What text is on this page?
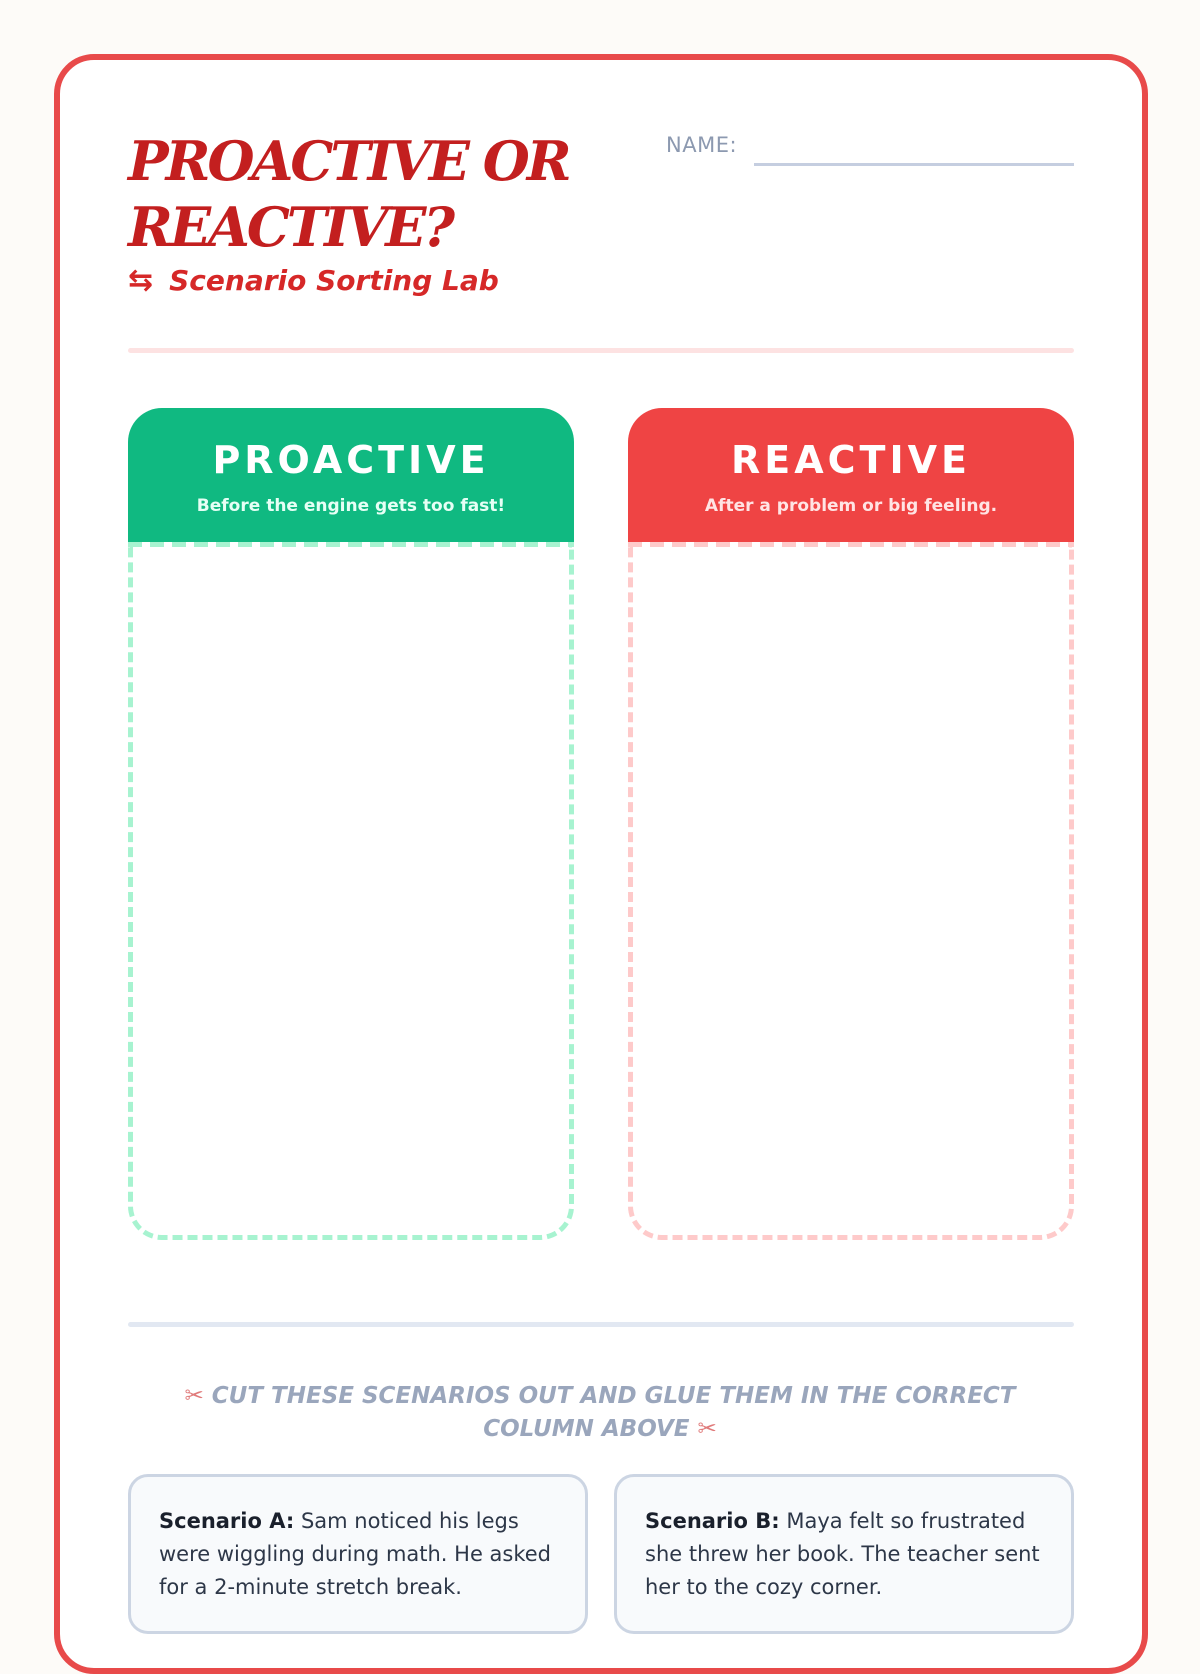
PROACTIVE OR
REACTIVE?
⇆ Scenario Sorting Lab
NAME:
PROACTIVE
Before the engine gets too fast!
REACTIVE
After a problem or big feeling.
✂ CUT THESE SCENARIOS OUT AND GLUE THEM IN THE CORRECT COLUMN ABOVE ✂
Scenario A: Sam noticed his legs were wiggling during math. He asked for a 2-minute stretch break.
Scenario B: Maya felt so frustrated she threw her book. The teacher sent her to the cozy corner.
